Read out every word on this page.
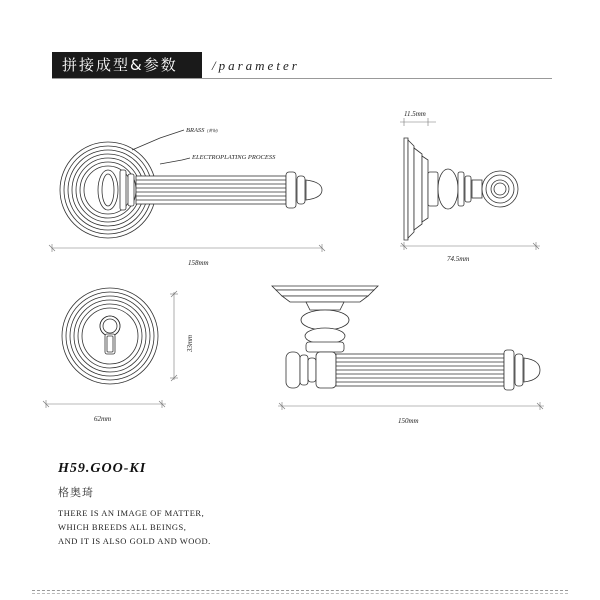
拼接成型&参数	/parameter
BRASS (黄铜)
ELECTROPLATING PROCESS
158mm
11.5mm
74.5mm
33mm
62mm	150mm
H59.GOO-KI
格奥琦
THERE IS AN IMAGE OF MATTER,
WHICH BREEDS ALL BEINGS,
AND IT IS ALSO GOLD AND WOOD.
